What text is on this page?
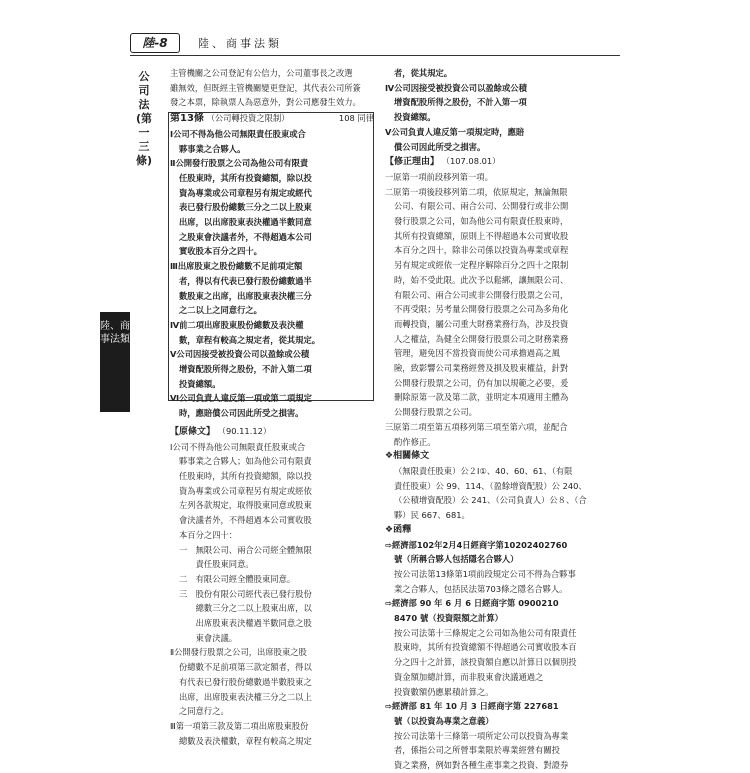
陸-8	陸、商事法類
公司法(第一三條)
陸、商事法類
主管機關之公司登記有公信力，公司董事長之改選
雖無效，但既經主管機關變更登記，其代表公司所簽
發之本票，除執票人為惡意外，對公司應發生效力。
第13條 （公司轉投資之限制）	108 同律
Ⅰ公司不得為他公司無限責任股東或合
夥事業之合夥人。
Ⅱ公開發行股票之公司為他公司有限責
任股東時，其所有投資總額，除以投
資為專業或公司章程另有規定或經代
表已發行股份總數三分之二以上股東
出席，以出席股東表決權過半數同意
之股東會決議者外，不得超過本公司
實收股本百分之四十。
Ⅲ出席股東之股份總數不足前項定額
者，得以有代表已發行股份總數過半
數股東之出席，出席股東表決權三分
之二以上之同意行之。
Ⅳ前二項出席股東股份總數及表決權
數，章程有較高之規定者，從其規定。
Ⅴ公司因接受被投資公司以盈餘或公積
增資配股所得之股份，不計入第二項
投資總額。
Ⅵ公司負責人違反第一項或第二項規定
時，應賠償公司因此所受之損害。
【原條文】 （90.11.12）
Ⅰ公司不得為他公司無限責任股東或合
夥事業之合夥人；如為他公司有限責
任股東時，其所有投資總額，除以投
資為專業或公司章程另有規定或經依
左列各款規定，取得股東同意或股東
會決議者外，不得超過本公司實收股
本百分之四十：
一　無限公司、兩合公司經全體無限
　　責任股東同意。
二　有限公司經全體股東同意。
三　股份有限公司經代表已發行股份
　　總數三分之二以上股東出席，以
　　出席股東表決權過半數同意之股
　　東會決議。
Ⅱ公開發行股票之公司，出席股東之股
份總數不足前項第三款定額者，得以
有代表已發行股份總數過半數股東之
出席，出席股東表決權三分之二以上
之同意行之。
Ⅲ第一項第三款及第二項出席股東股份
總數及表決權數，章程有較高之規定
者，從其規定。
Ⅳ公司因接受被投資公司以盈餘或公積
增資配股所得之股份，不計入第一項
投資總額。
Ⅴ公司負責人違反第一項規定時，應賠
償公司因此所受之損害。
【修正理由】 （107.08.01）
一原第一項前段移列第一項。
二原第一項後段移列第二項，依原規定，無論無限
公司、有限公司、兩合公司、公開發行或非公開
發行股票之公司，如為他公司有限責任股東時，
其所有投資總額，原則上不得超過本公司實收股
本百分之四十，除非公司係以投資為專業或章程
另有規定或經依一定程序解除百分之四十之限制
時，始不受此限。此次予以鬆綁，讓無限公司、
有限公司、兩合公司或非公開發行股票之公司，
不再受限；另考量公開發行股票之公司為多角化
而轉投資，屬公司重大財務業務行為，涉及投資
人之權益，為健全公開發行股票公司之財務業務
管理，避免因不當投資而使公司承擔過高之風
險，致影響公司業務經營及損及股東權益，針對
公開發行股票之公司，仍有加以規範之必要，爰
刪除原第一款及第二款，並明定本項適用主體為
公開發行股票之公司。
三原第二項至第五項移列第三項至第六項，並配合
酌作修正。
❖相關條文
（無限責任股東）公２Ⅰ①、40、60、61、（有限
責任股東）公 99、114、（盈餘增資配股）公 240、
（公積增資配股）公 241、（公司負責人）公８、（合
夥）民 667、681。
❖函釋
⇨經濟部102年2月4日經商字第10202402760
號（所稱合夥人包括隱名合夥人）
按公司法第13條第1項前段規定公司不得為合夥事
業之合夥人，包括民法第703條之隱名合夥人。
⇨經濟部 90 年 6 月 6 日經商字第 0900210
8470 號（投資限額之計算）
按公司法第十三條規定之公司如為他公司有限責任
股東時，其所有投資總額不得超過公司實收股本百
分之四十之計算，該投資額自應以計算日以個別投
資金額加總計算，而非股東會決議通過之
投資數額仍應累積計算之。
⇨經濟部 81 年 10 月 3 日經商字第 227681
號（以投資為專業之意義）
按公司法第十三條第一項所定公司以投資為專業
者，係指公司之所營事業限於專業經營有關投
資之業務，例如對各種生產事業之投資、對證券
